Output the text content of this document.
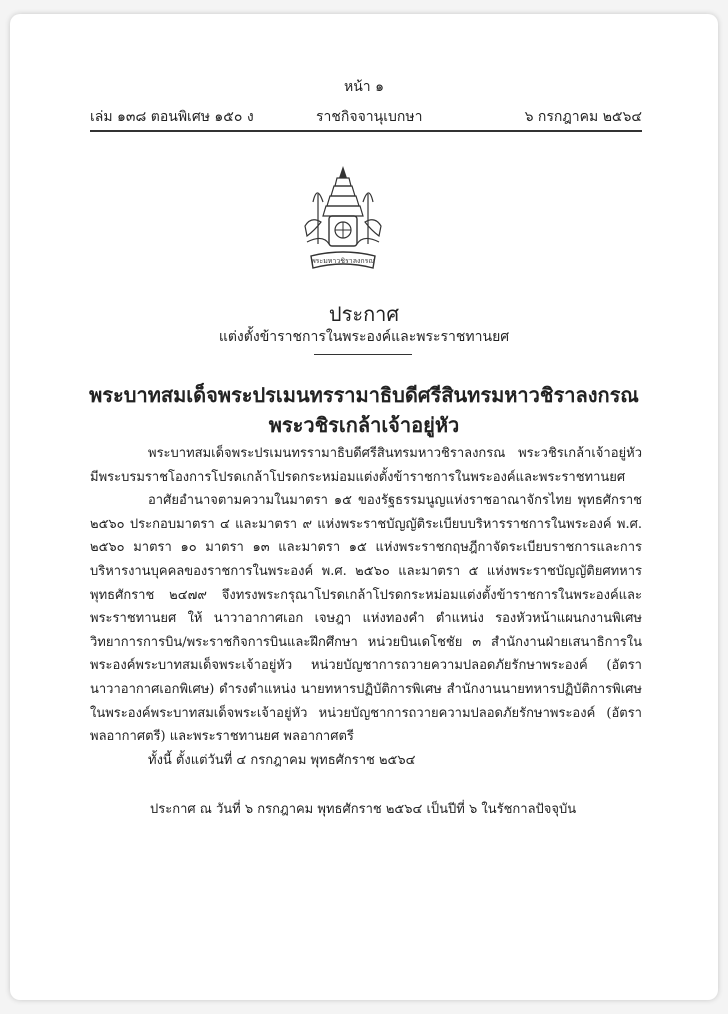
หน้า ๑
เล่ม ๑๓๘ ตอนพิเศษ ๑๕๐ ง	ราชกิจจานุเบกษา	๖ กรกฎาคม ๒๕๖๔
พระมหาวชิราลงกรณ
ประกาศ
แต่งตั้งข้าราชการในพระองค์และพระราชทานยศ
พระบาทสมเด็จพระปรเมนทรรามาธิบดีศรีสินทรมหาวชิราลงกรณ
พระวชิรเกล้าเจ้าอยู่หัว

พระบาทสมเด็จพระปรเมนทรรามาธิบดีศรีสินทรมหาวชิราลงกรณ พระวชิรเกล้าเจ้าอยู่หัว มีพระบรมราชโองการโปรดเกล้าโปรดกระหม่อมแต่งตั้งข้าราชการในพระองค์และพระราชทานยศ

อาศัยอำนาจตามความในมาตรา ๑๕ ของรัฐธรรมนูญแห่งราชอาณาจักรไทย พุทธศักราช ๒๕๖๐ ประกอบมาตรา ๔ และมาตรา ๙ แห่งพระราชบัญญัติระเบียบบริหารราชการในพระองค์ พ.ศ. ๒๕๖๐ มาตรา ๑๐ มาตรา ๑๓ และมาตรา ๑๕ แห่งพระราชกฤษฎีกาจัดระเบียบราชการและการบริหารงานบุคคลของราชการในพระองค์ พ.ศ. ๒๕๖๐ และมาตรา ๕ แห่งพระราชบัญญัติยศทหาร พุทธศักราช ๒๔๗๙ จึงทรงพระกรุณาโปรดเกล้าโปรดกระหม่อมแต่งตั้งข้าราชการในพระองค์และพระราชทานยศ ให้ นาวาอากาศเอก เจษฎา แห่งทองคำ ตำแหน่ง รองหัวหน้าแผนกงานพิเศษวิทยาการการบิน/พระราชกิจการบินและฝึกศึกษา หน่วยบินเดโชชัย ๓ สำนักงานฝ่ายเสนาธิการในพระองค์พระบาทสมเด็จพระเจ้าอยู่หัว หน่วยบัญชาการถวายความปลอดภัยรักษาพระองค์ (อัตรา นาวาอากาศเอกพิเศษ) ดำรงตำแหน่ง นายทหารปฏิบัติการพิเศษ สำนักงานนายทหารปฏิบัติการพิเศษในพระองค์พระบาทสมเด็จพระเจ้าอยู่หัว หน่วยบัญชาการถวายความปลอดภัยรักษาพระองค์ (อัตรา พลอากาศตรี) และพระราชทานยศ พลอากาศตรี

ทั้งนี้ ตั้งแต่วันที่ ๔ กรกฎาคม พุทธศักราช ๒๕๖๔

ประกาศ ณ วันที่ ๖ กรกฎาคม พุทธศักราช ๒๕๖๔ เป็นปีที่ ๖ ในรัชกาลปัจจุบัน
